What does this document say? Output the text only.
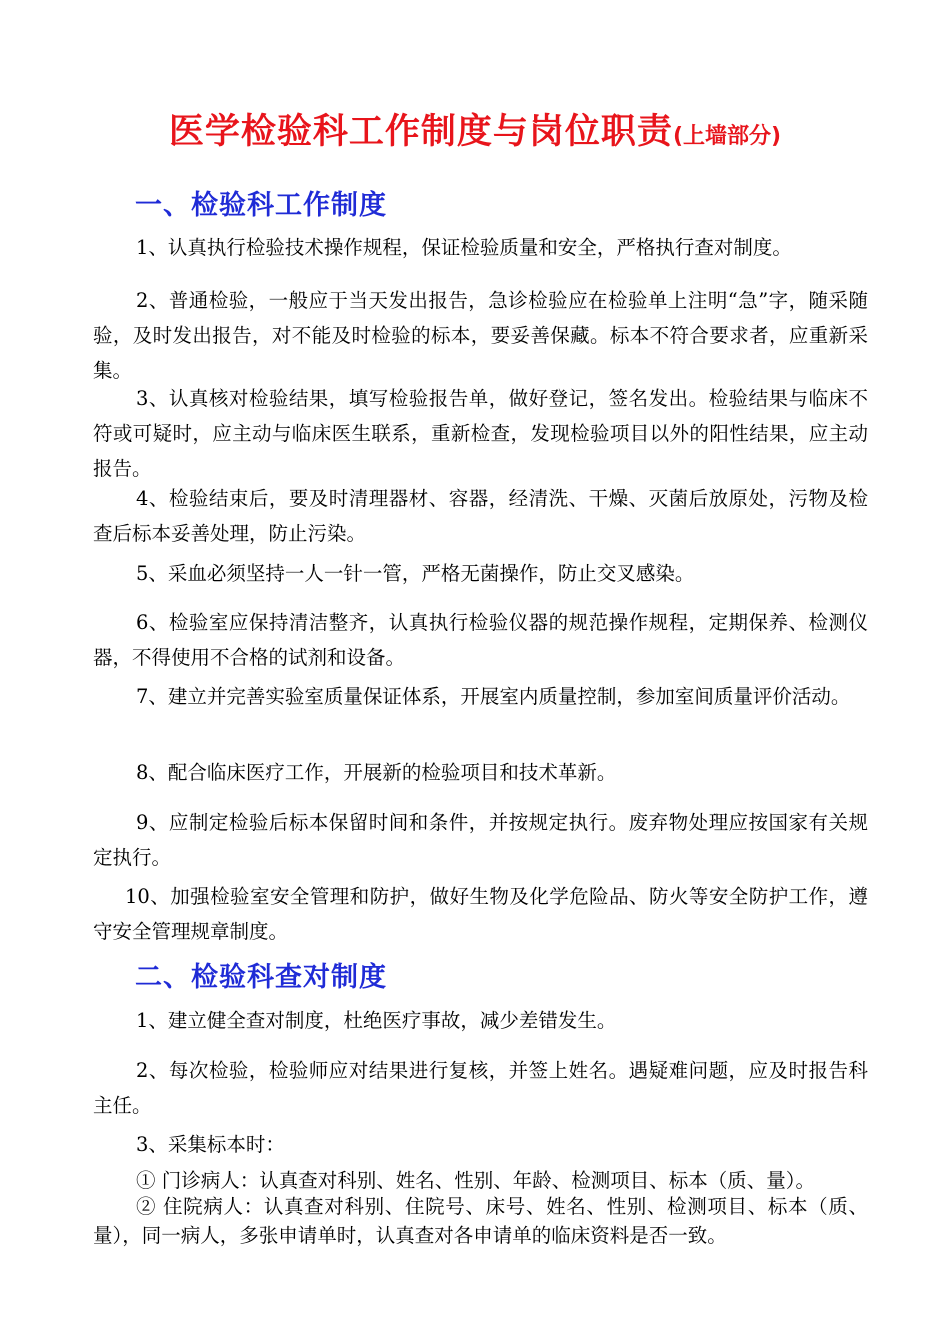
医学检验科工作制度与岗位职责(上墙部分)
一、检验科工作制度
1、认真执行检验技术操作规程，保证检验质量和安全，严格执行查对制度。
2、普通检验，一般应于当天发出报告，急诊检验应在检验单上注明“急”字，随采随验，及时发出报告，对不能及时检验的标本，要妥善保藏。标本不符合要求者，应重新采集。
3、认真核对检验结果，填写检验报告单，做好登记，签名发出。检验结果与临床不符或可疑时，应主动与临床医生联系，重新检查，发现检验项目以外的阳性结果，应主动报告。
4、检验结束后，要及时清理器材、容器，经清洗、干燥、灭菌后放原处，污物及检查后标本妥善处理，防止污染。
5、采血必须坚持一人一针一管，严格无菌操作，防止交叉感染。
6、检验室应保持清洁整齐，认真执行检验仪器的规范操作规程，定期保养、检测仪器，不得使用不合格的试剂和设备。
7、建立并完善实验室质量保证体系，开展室内质量控制，参加室间质量评价活动。
8、配合临床医疗工作，开展新的检验项目和技术革新。
9、应制定检验后标本保留时间和条件，并按规定执行。废弃物处理应按国家有关规定执行。
10、加强检验室安全管理和防护，做好生物及化学危险品、防火等安全防护工作，遵守安全管理规章制度。
二、检验科查对制度
1、建立健全查对制度，杜绝医疗事故，减少差错发生。
2、每次检验，检验师应对结果进行复核，并签上姓名。遇疑难问题，应及时报告科主任。
3、采集标本时：
① 门诊病人：认真查对科别、姓名、性别、年龄、检测项目、标本（质、量）。
② 住院病人：认真查对科别、住院号、床号、姓名、性别、检测项目、标本（质、量），同一病人，多张申请单时，认真查对各申请单的临床资料是否一致。
